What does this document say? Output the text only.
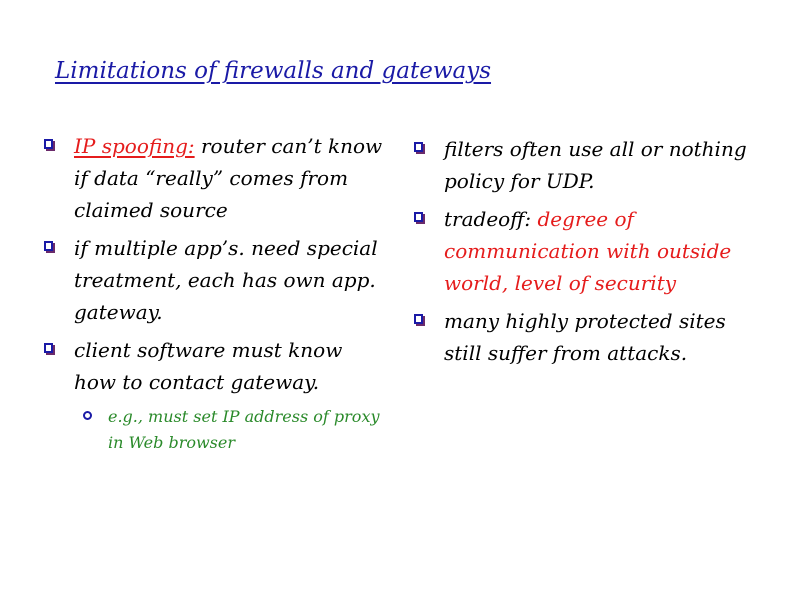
Limitations of firewalls and gateways
IP spoofing: router can’t know if data “really” comes from claimed source
if multiple app’s. need special treatment, each has own app. gateway.
client software must know how to contact gateway.
e.g., must set IP address of proxy in Web browser
filters often use all or nothing policy for UDP.
tradeoff: degree of communication with outside world, level of security
many highly protected sites still suffer from attacks.
